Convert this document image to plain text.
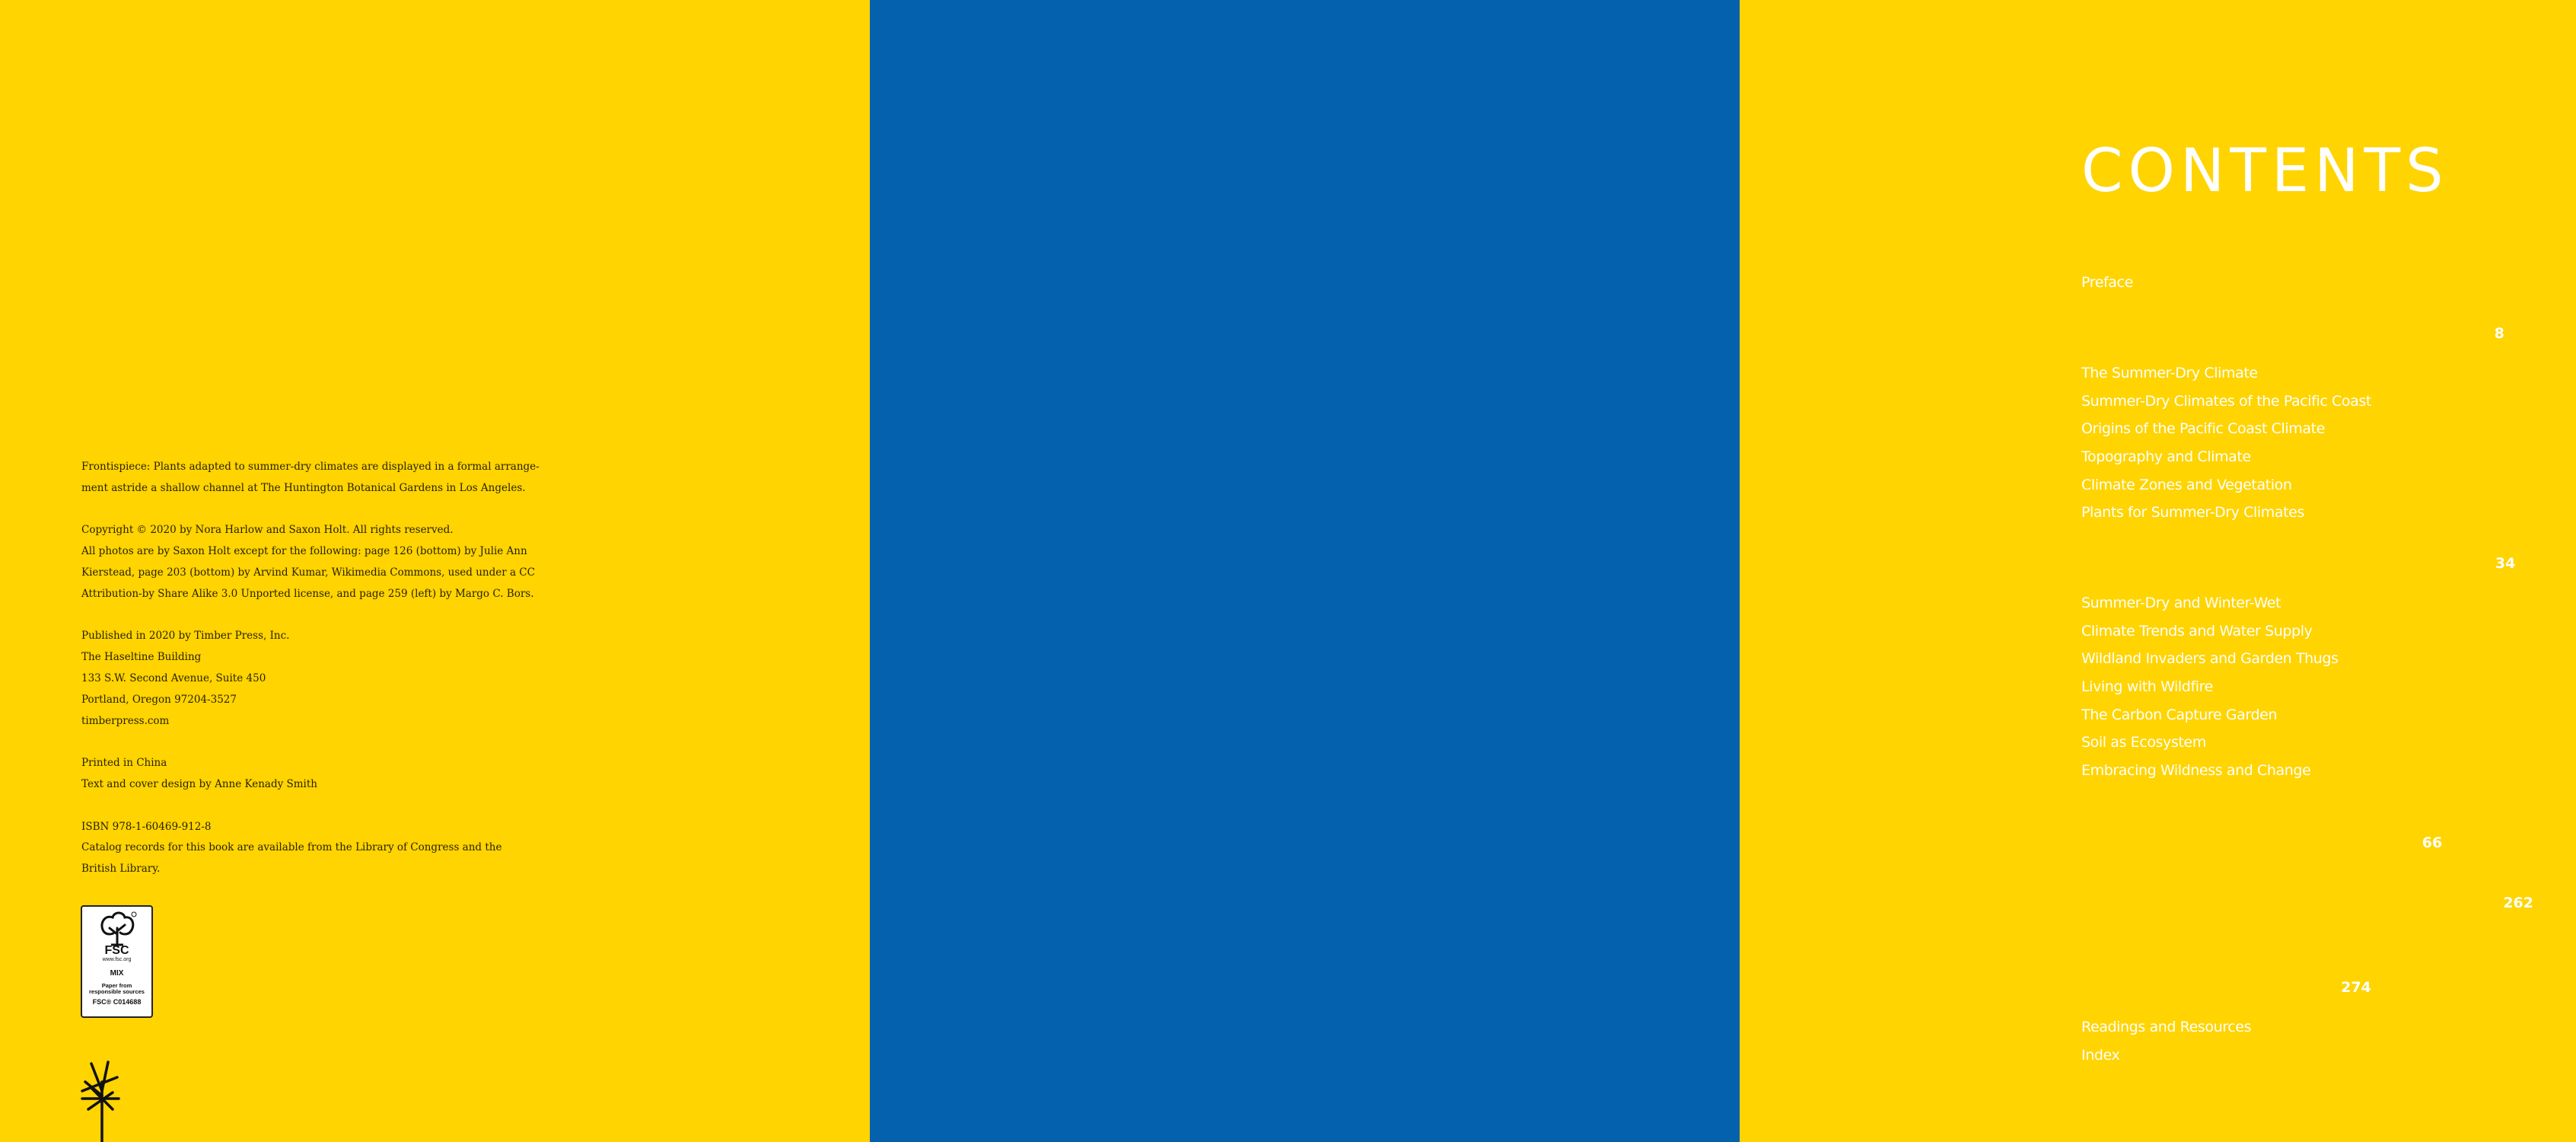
Frontispiece: Plants adapted to summer-dry climates are displayed in a formal arrange-
ment astride a shallow channel at The Huntington Botanical Gardens in Los Angeles.

Copyright © 2020 by Nora Harlow and Saxon Holt. All rights reserved.
All photos are by Saxon Holt except for the following: page 126 (bottom) by Julie Ann
Kierstead, page 203 (bottom) by Arvind Kumar, Wikimedia Commons, used under a CC
Attribution-by Share Alike 3.0 Unported license, and page 259 (left) by Margo C. Bors.

Published in 2020 by Timber Press, Inc.
The Haseltine Building
133 S.W. Second Avenue, Suite 450
Portland, Oregon 97204-3527
timberpress.com

Printed in China
Text and cover design by Anne Kenady Smith

ISBN 978-1-60469-912-8
Catalog records for this book are available from the Library of Congress and the
British Library.

FSC
www.fsc.org
MIX
Paper from
responsible sources
FSC® C014688
CONTENTS
Preface 6
GARDENING WHERE YOU ARE 8
The Summer-Dry Climate 15
Summer-Dry Climates of the Pacific Coast 17
Origins of the Pacific Coast Climate 21
Topography and Climate 23
Climate Zones and Vegetation 27
Plants for Summer-Dry Climates 30
SOME THOUGHTS ON DESIGN 34
Summer-Dry and Winter-Wet 39
Climate Trends and Water Supply 40
Wildland Invaders and Garden Thugs 49
Living with Wildfire 53
The Carbon Capture Garden 57
Soil as Ecosystem 60
Embracing Wildness and Change 63
A COMPENDIUM OF PLANTS FOR
SUMMER-DRY CLIMATES 66
PLANTS FOR SPECIAL PLACES 262
WHAT PLANT WHERE: A GUIDE TO
PLANT SELECTION 274
Readings and Resources 286
Index 289
